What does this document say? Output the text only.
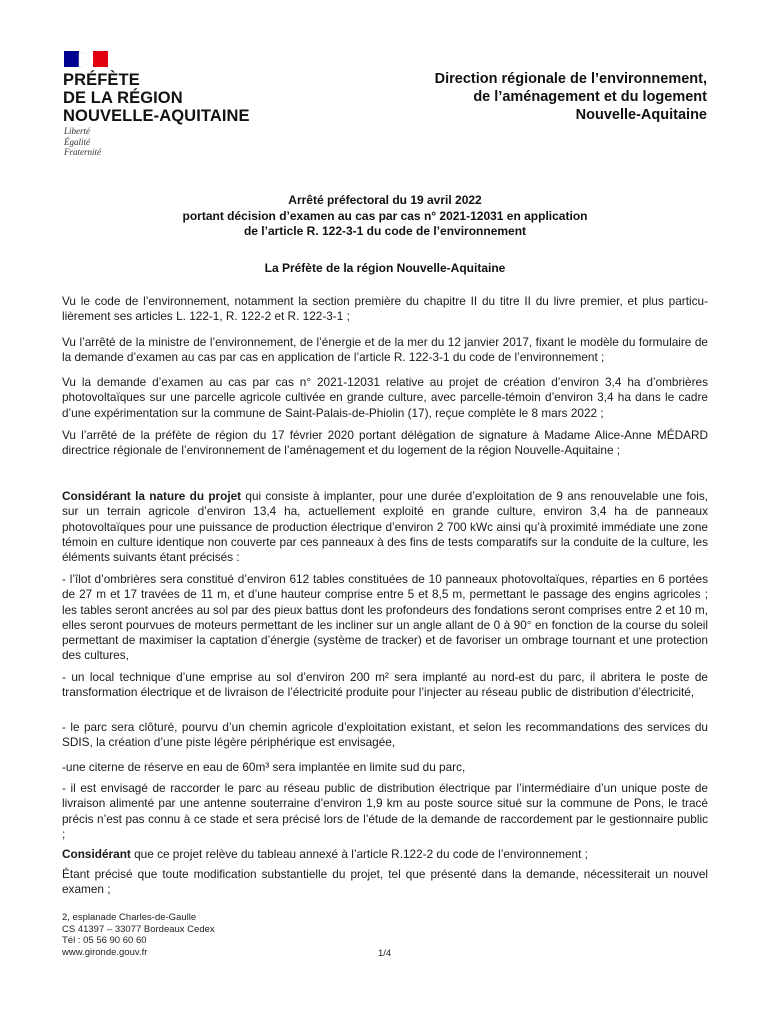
PRÉFÈTE
DE LA RÉGION
NOUVELLE-AQUITAINE
Liberté
Égalité
Fraternité
Direction régionale de l’environnement,
de l’aménagement et du logement
Nouvelle-Aquitaine
Arrêté préfectoral du 19 avril 2022
portant décision d’examen au cas par cas n° 2021-12031 en application
de l’article R. 122-3-1 du code de l’environnement
La Préfète de la région Nouvelle-Aquitaine

Vu le code de l’environnement, notamment la section première du chapitre II du titre II du livre premier, et plus particulièrement ses articles L. 122-1, R. 122-2 et R. 122-3-1 ;

Vu l’arrêté de la ministre de l’environnement, de l’énergie et de la mer du 12 janvier 2017, fixant le modèle du formulaire de la demande d’examen au cas par cas en application de l’article R. 122-3-1 du code de l’environnement ;

Vu la demande d’examen au cas par cas n° 2021-12031 relative au projet de création d’environ 3,4 ha d’ombrières photovoltaïques sur une parcelle agricole cultivée en grande culture, avec parcelle-témoin d’environ 3,4 ha dans le cadre d’une expérimentation sur la commune de Saint-Palais-de-Phiolin (17), reçue complète le 8 mars 2022 ;

Vu l’arrêté de la préfète de région du 17 février 2020 portant délégation de signature à Madame Alice-Anne MÉDARD directrice régionale de l’environnement de l’aménagement et du logement de la région Nouvelle-Aquitaine ;

Considérant la nature du projet qui consiste à implanter, pour une durée d’exploitation de 9 ans renouvelable une fois, sur un terrain agricole d’environ 13,4 ha, actuellement exploité en grande culture, environ 3,4 ha de panneaux photovoltaïques pour une puissance de production électrique d’environ 2 700 kWc ainsi qu’à proximité immédiate une zone témoin en culture identique non couverte par ces panneaux à des fins de tests comparatifs sur la conduite de la culture, les éléments suivants étant précisés :

- l’îlot d’ombrières sera constitué d’environ 612 tables constituées de 10 panneaux photovoltaïques, réparties en 6 portées de 27 m et 17 travées de 11 m, et d’une hauteur comprise entre 5 et 8,5 m, permettant le passage des engins agricoles ; les tables seront ancrées au sol par des pieux battus dont les profondeurs des fondations seront comprises entre 2 et 10 m, elles seront pourvues de moteurs permettant de les incliner sur un angle allant de 0 à 90° en fonction de la course du soleil permettant de maximiser la captation d’énergie (système de tracker) et de favoriser un ombrage tournant et une protection des cultures,

- un local technique d’une emprise au sol d’environ 200 m² sera implanté au nord-est du parc, il abritera le poste de transformation électrique et de livraison de l’électricité produite pour l’injecter au réseau public de distribution d’électricité,

- le parc sera clôturé, pourvu d’un chemin agricole d’exploitation existant, et selon les recommandations des services du SDIS, la création d’une piste légère périphérique est envisagée,

-une citerne de réserve en eau de 60m³ sera implantée en limite sud du parc,

- il est envisagé de raccorder le parc au réseau public de distribution électrique par l’intermédiaire d’un unique poste de livraison alimenté par une antenne souterraine d’environ 1,9 km au poste source situé sur la commune de Pons, le tracé précis n’est pas connu à ce stade et sera précisé lors de l’étude de la demande de raccordement par le gestionnaire public ;

Considérant que ce projet relève du tableau annexé à l’article R.122-2 du code de l’environnement ;

Étant précisé que toute modification substantielle du projet, tel que présenté dans la demande, nécessiterait un nouvel examen ;

2, esplanade Charles-de-Gaulle
CS 41397 – 33077 Bordeaux Cedex
Tél : 05 56 90 60 60
www.gironde.gouv.fr	1/4
